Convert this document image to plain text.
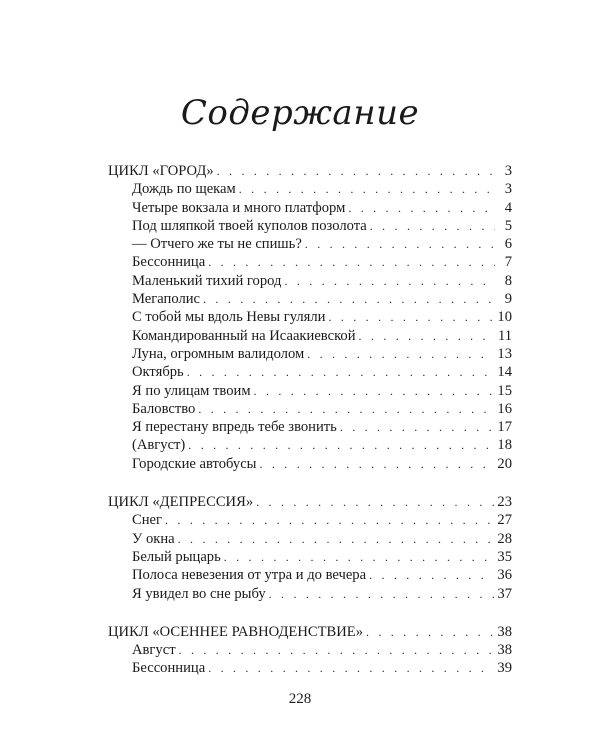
Содержание
ЦИКЛ «ГОРОД» . . .	3
Дождь по щекам . . .	3
Четыре вокзала и много платформ . . .	4
Под шляпкой твоей куполов позолота . . .	5
— Отчего же ты не спишь? . . .	6
Бессонница . . .	7
Маленький тихий город . . .	8
Мегаполис . . .	9
С тобой мы вдоль Невы гуляли . . .	10
Командированный на Исаакиевской . . .	11
Луна, огромным валидолом . . .	13
Октябрь . . .	14
Я по улицам твоим . . .	15
Баловство . . .	16
Я перестану впредь тебе звонить . . .	17
(Август) . . .	18
Городские автобусы . . .	20
ЦИКЛ «ДЕПРЕССИЯ» . . .	23
Снег . . .	27
У окна . . .	28
Белый рыцарь . . .	35
Полоса невезения от утра и до вечера . . .	36
Я увидел во сне рыбу . . .	37
ЦИКЛ «ОСЕННЕЕ РАВНОДЕНСТВИЕ» . . .	38
Август . . .	38
Бессонница . . .	39
228
